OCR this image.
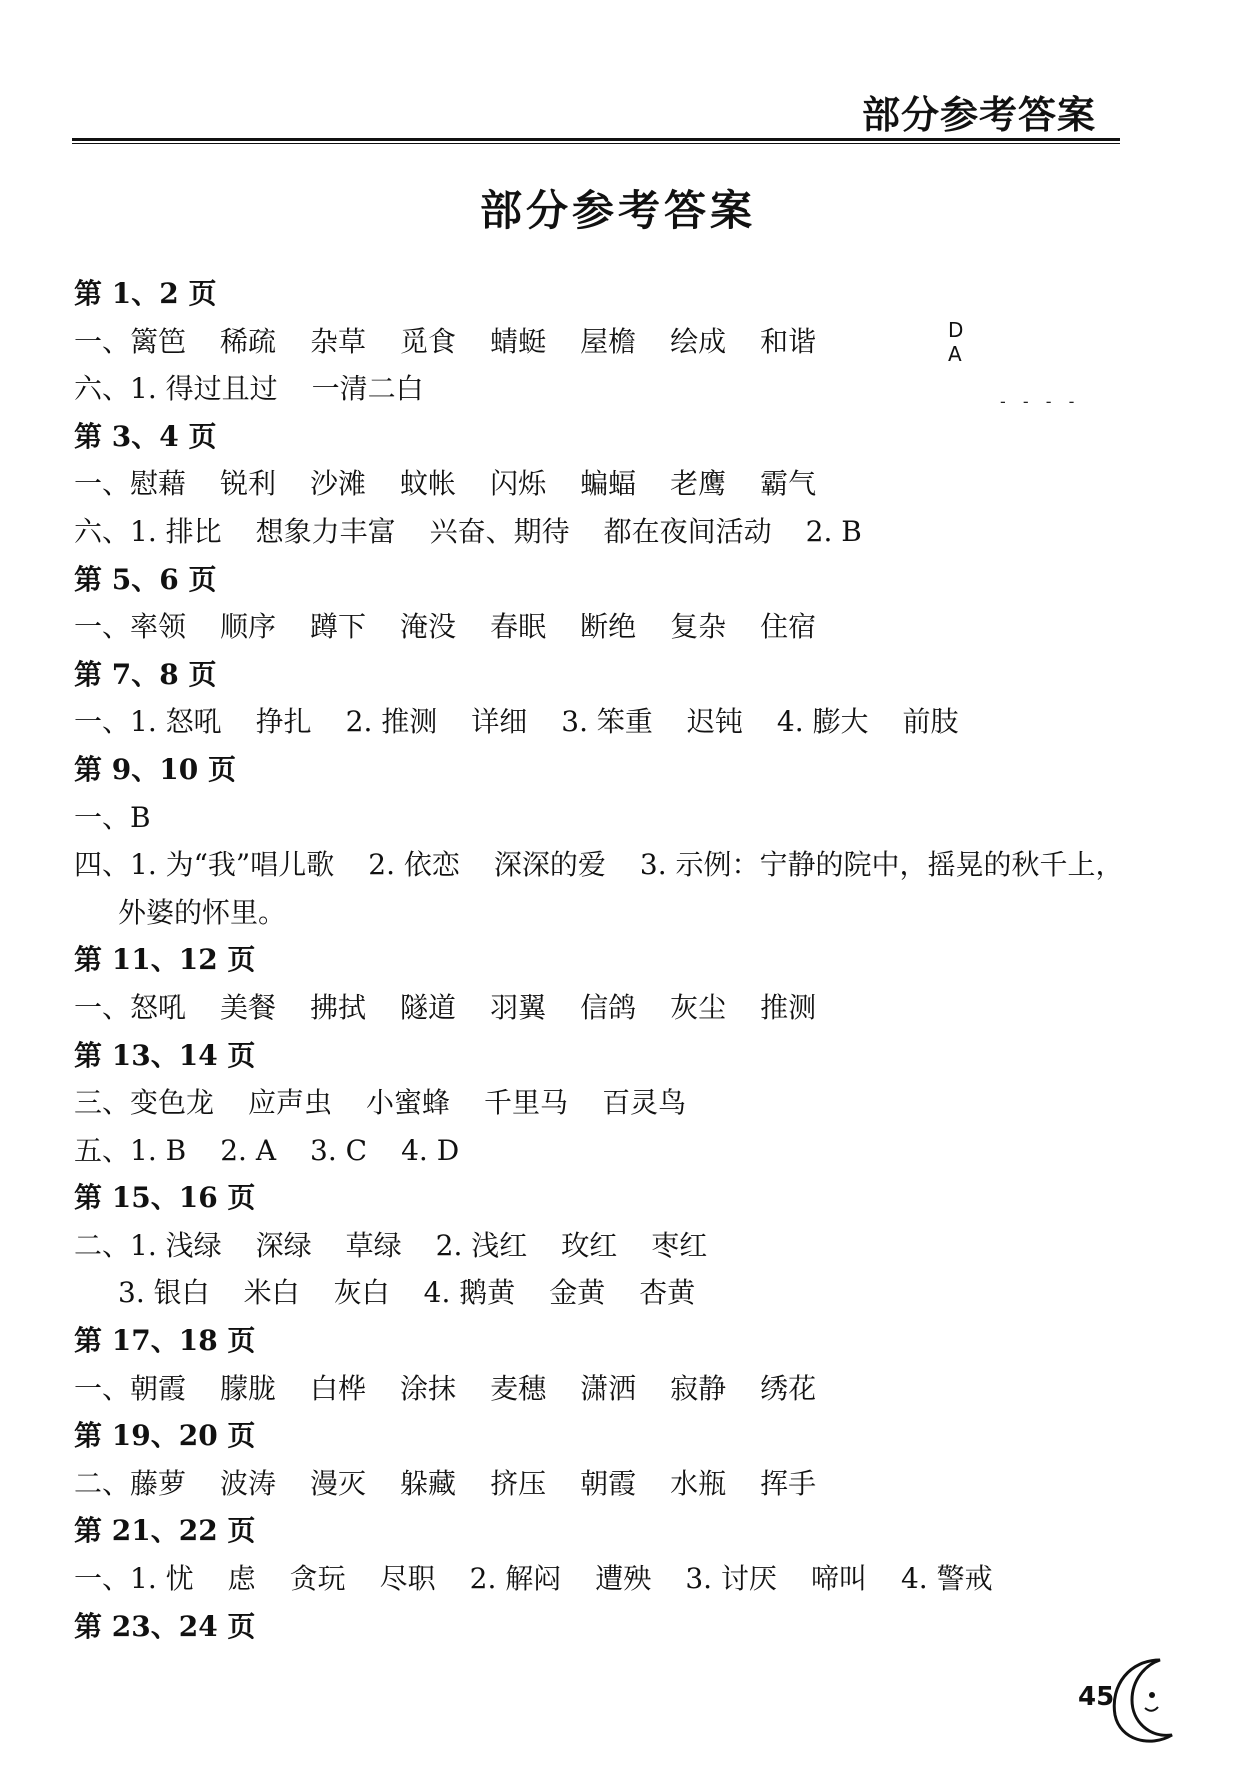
部分参考答案
部分参考答案
D
A
- - - -
第 1、2 页
一、篱笆 稀疏 杂草 觅食 蜻蜓 屋檐 绘成 和谐
六、1. 得过且过 一清二白
第 3、4 页
一、慰藉 锐利 沙滩 蚊帐 闪烁 蝙蝠 老鹰 霸气
六、1. 排比 想象力丰富 兴奋、期待 都在夜间活动 2. B
第 5、6 页
一、率领 顺序 蹲下 淹没 春眠 断绝 复杂 住宿
第 7、8 页
一、1. 怒吼 挣扎 2. 推测 详细 3. 笨重 迟钝 4. 膨大 前肢
第 9、10 页
一、B
四、1. 为“我”唱儿歌 2. 依恋 深深的爱 3. 示例：宁静的院中，摇晃的秋千上，
外婆的怀里。
第 11、12 页
一、怒吼 美餐 拂拭 隧道 羽翼 信鸽 灰尘 推测
第 13、14 页
三、变色龙 应声虫 小蜜蜂 千里马 百灵鸟
五、1. B 2. A 3. C 4. D
第 15、16 页
二、1. 浅绿 深绿 草绿 2. 浅红 玫红 枣红
3. 银白 米白 灰白 4. 鹅黄 金黄 杏黄
第 17、18 页
一、朝霞 朦胧 白桦 涂抹 麦穗 潇洒 寂静 绣花
第 19、20 页
二、藤萝 波涛 漫灭 躲藏 挤压 朝霞 水瓶 挥手
第 21、22 页
一、1. 忧 虑 贪玩 尽职 2. 解闷 遭殃 3. 讨厌 啼叫 4. 警戒
第 23、24 页
45
